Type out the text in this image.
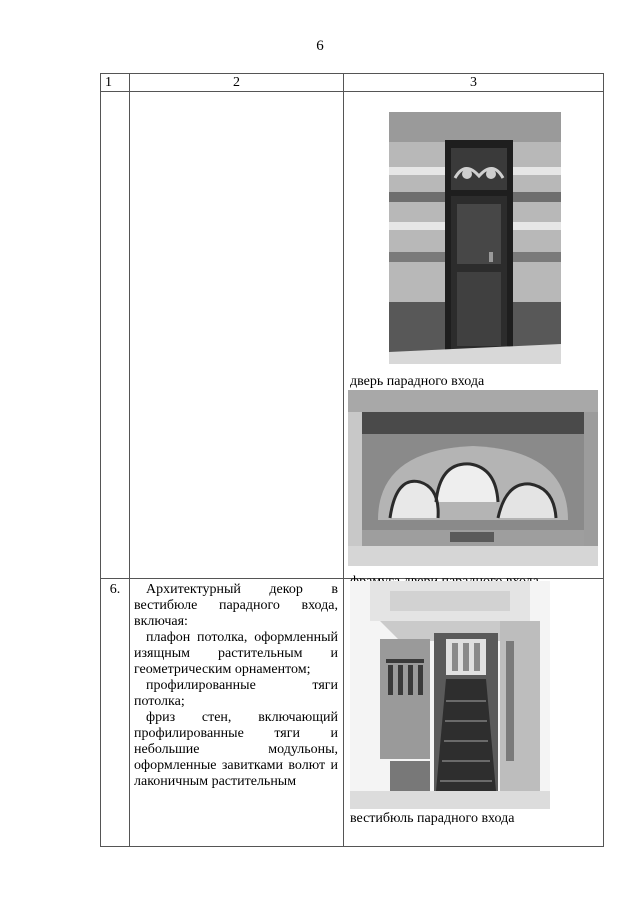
6
1	2	3

		дверь парадного входа

6.	Архитектурный декор в вестибюле парадного входа, включая:

плафон потолка, оформленный изящным растительным и геометрическим орнаментом;

профилированные тяги потолка;

фриз стен, включающий профилированные тяги и небольшие модульоны, оформленные завитками волют и лаконичным растительным	вестибюль парадного входа
